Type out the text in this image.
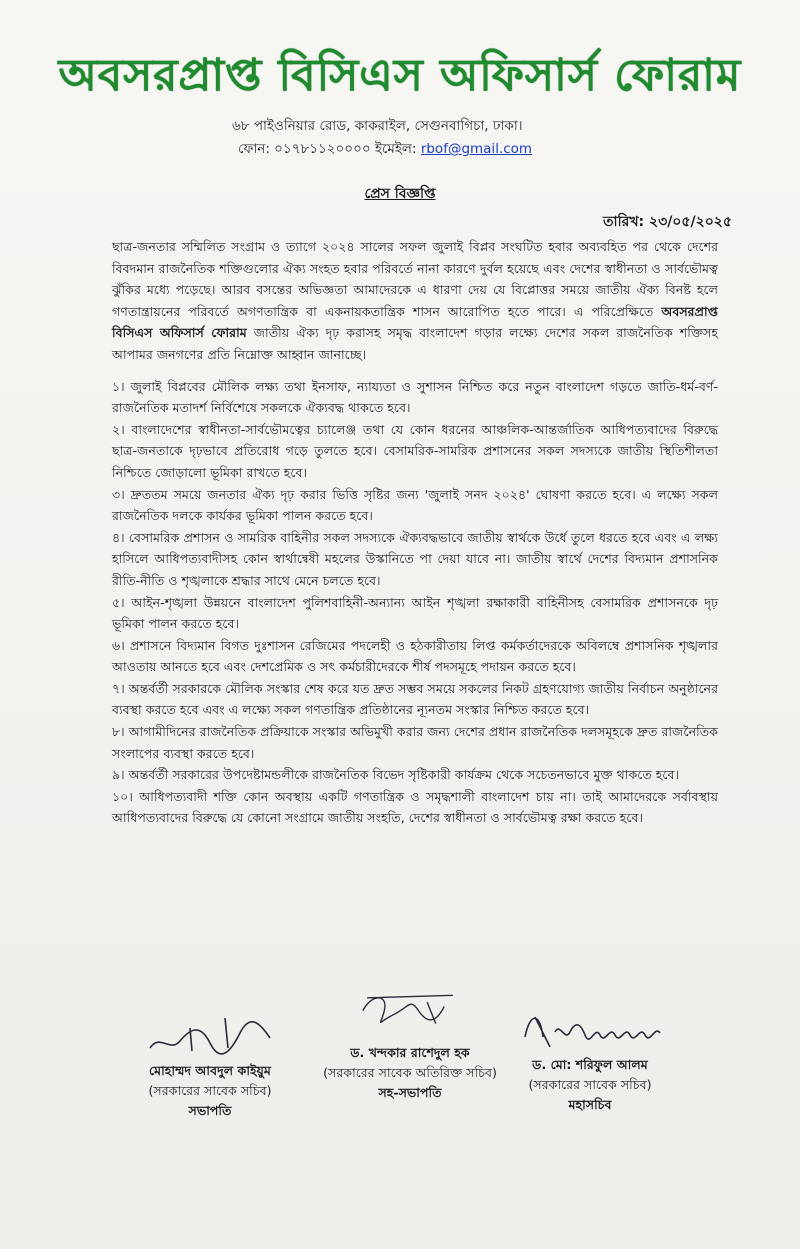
অবসরপ্রাপ্ত বিসিএস অফিসার্স ফোরাম
৬৮ পাইওনিয়ার রোড, কাকরাইল, সেগুনবাগিচা, ঢাকা।
ফোন: ০১৭৮১১২০০০০ ইমেইল: rbof@gmail.com
প্রেস বিজ্ঞপ্তি
তারিখ: ২৩/০৫/২০২৫

ছাত্র-জনতার সম্মিলিত সংগ্রাম ও ত্যাগে ২০২৪ সালের সফল জুলাই বিপ্লব সংঘটিত হবার অব্যবহিত পর থেকে দেশের বিবদমান রাজনৈতিক শক্তিগুলোর ঐক্য সংহত হবার পরিবর্তে নানা কারণে দুর্বল হয়েছে এবং দেশের স্বাধীনতা ও সার্বভৌমত্ব ঝুঁকির মধ্যে পড়েছে। আরব বসন্তের অভিজ্ঞতা আমাদেরকে এ ধারণা দেয় যে বিপ্লোত্তর সময়ে জাতীয় ঐক্য বিনষ্ট হলে গণতান্ত্রায়নের পরিবর্তে অগণতান্ত্রিক বা একনায়কতান্ত্রিক শাসন আরোপিত হতে পারে। এ পরিপ্রেক্ষিতে অবসরপ্রাপ্ত বিসিএস অফিসার্স ফোরাম জাতীয় ঐক্য দৃঢ় করাসহ সমৃদ্ধ বাংলাদেশ গড়ার লক্ষ্যে দেশের সকল রাজনৈতিক শক্তিসহ আপামর জনগণের প্রতি নিম্নোক্ত আহ্বান জানাচ্ছে।

১। জুলাই বিপ্লবের মৌলিক লক্ষ্য তথা ইনসাফ, ন্যায্যতা ও সুশাসন নিশ্চিত করে নতুন বাংলাদেশ গড়তে জাতি-ধর্ম-বর্ণ-রাজনৈতিক মতাদর্শ নির্বিশেষে সকলকে ঐক্যবদ্ধ থাকতে হবে।
২। বাংলাদেশের স্বাধীনতা-সার্বভৌমত্বের চ্যালেঞ্জ তথা যে কোন ধরনের আঞ্চলিক-আন্তর্জাতিক আধিপত্যবাদের বিরুদ্ধে ছাত্র-জনতাকে দৃঢ়ভাবে প্রতিরোধ গড়ে তুলতে হবে। বেসামরিক-সামরিক প্রশাসনের সকল সদস্যকে জাতীয় স্থিতিশীলতা নিশ্চিতে জোড়ালো ভূমিকা রাখতে হবে।
৩। দ্রুততম সময়ে জনতার ঐক্য দৃঢ় করার ভিত্তি সৃষ্টির জন্য 'জুলাই সনদ ২০২৪' ঘোষণা করতে হবে। এ লক্ষ্যে সকল রাজনৈতিক দলকে কার্যকর ভূমিকা পালন করতে হবে।
৪। বেসামরিক প্রশাসন ও সামরিক বাহিনীর সকল সদস্যকে ঐক্যবদ্ধভাবে জাতীয় স্বার্থকে উর্ধে তুলে ধরতে হবে এবং এ লক্ষ্য হাসিলে আধিপত্যবাদীসহ কোন স্বার্থান্বেষী মহলের উস্কানিতে পা দেয়া যাবে না। জাতীয় স্বার্থে দেশের বিদ্যমান প্রশাসনিক রীতি-নীতি ও শৃঙ্খলাকে শ্রদ্ধার সাথে মেনে চলতে হবে।
৫। আইন-শৃঙ্খলা উন্নয়নে বাংলাদেশ পুলিশবাহিনী-অন্যান্য আইন শৃঙ্খলা রক্ষাকারী বাহিনীসহ বেসামরিক প্রশাসনকে দৃঢ় ভূমিকা পালন করতে হবে।
৬। প্রশাসনে বিদ্যমান বিগত দুঃশাসন রেজিমের পদলেহী ও হঠকারীতায় লিপ্ত কর্মকর্তাদেরকে অবিলম্বে প্রশাসনিক শৃঙ্খলার আওতায় আনতে হবে এবং দেশপ্রেমিক ও সৎ কর্মচারীদেরকে শীর্ষ পদসমূহে পদায়ন করতে হবে।
৭। অন্তর্বর্তী সরকারকে মৌলিক সংস্কার শেষ করে যত দ্রুত সম্ভব সময়ে সকলের নিকট গ্রহণযোগ্য জাতীয় নির্বাচন অনুষ্ঠানের ব্যবস্থা করতে হবে এবং এ লক্ষ্যে সকল গণতান্ত্রিক প্রতিষ্ঠানের ন্যূনতম সংস্কার নিশ্চিত করতে হবে।
৮। আগামীদিনের রাজনৈতিক প্রক্রিয়াকে সংস্কার অভিমুখী করার জন্য দেশের প্রধান রাজনৈতিক দলসমূহকে দ্রুত রাজনৈতিক সংলাপের ব্যবস্থা করতে হবে।
৯। অন্তর্বর্তী সরকারের উপদেষ্টামন্ডলীকে রাজনৈতিক বিভেদ সৃষ্টিকারী কার্যক্রম থেকে সচেতনভাবে মুক্ত থাকতে হবে।
১০। আধিপত্যবাদী শক্তি কোন অবস্থায় একটি গণতান্ত্রিক ও সমৃদ্ধশালী বাংলাদেশ চায় না। তাই আমাদেরকে সর্বাবস্থায় আধিপত্যবাদের বিরুদ্ধে যে কোনো সংগ্রামে জাতীয় সংহতি, দেশের স্বাধীনতা ও সার্বভৌমত্ব রক্ষা করতে হবে।
মোহাম্মদ আবদুল কাইয়ুম
(সরকারের সাবেক সচিব)
সভাপতি
ড. খন্দকার রাশেদুল হক
(সরকারের সাবেক অতিরিক্ত সচিব)
সহ-সভাপতি
ড. মো: শরিফুল আলম
(সরকারের সাবেক সচিব)
মহাসচিব
